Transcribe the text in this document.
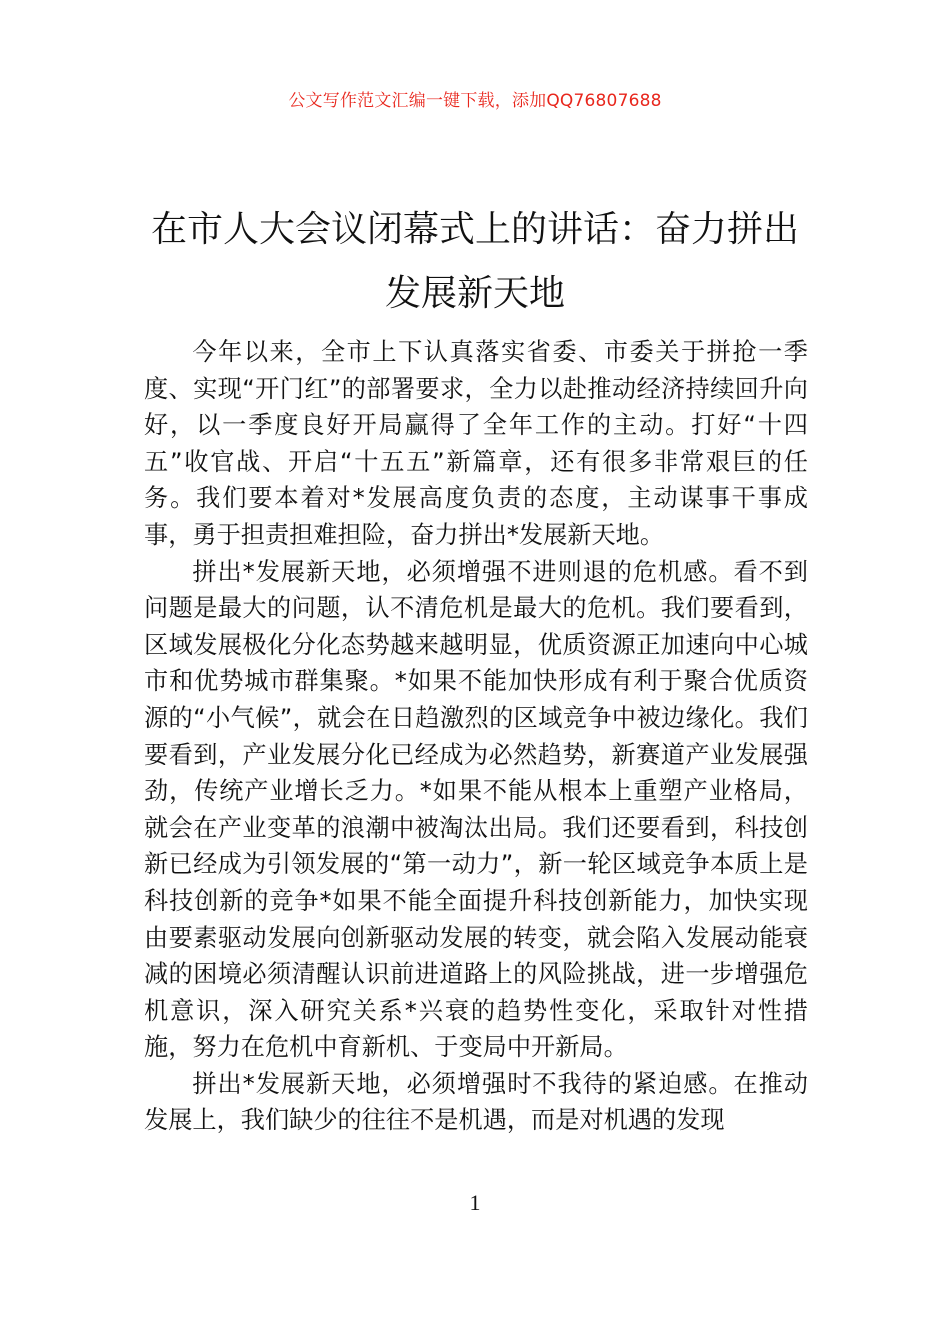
公文写作范文汇编一键下载，添加QQ76807688
在市人大会议闭幕式上的讲话：奋力拼出
发展新天地

今年以来，全市上下认真落实省委、市委关于拼抢一季度、实现“开门红”的部署要求，全力以赴推动经济持续回升向好，以一季度良好开局赢得了全年工作的主动。打好“十四五”收官战、开启“十五五”新篇章，还有很多非常艰巨的任务。我们要本着对*发展高度负责的态度，主动谋事干事成事，勇于担责担难担险，奋力拼出*发展新天地。

拼出*发展新天地，必须增强不进则退的危机感。看不到问题是最大的问题，认不清危机是最大的危机。我们要看到，区域发展极化分化态势越来越明显，优质资源正加速向中心城市和优势城市群集聚。*如果不能加快形成有利于聚合优质资源的“小气候”，就会在日趋激烈的区域竞争中被边缘化。我们要看到，产业发展分化已经成为必然趋势，新赛道产业发展强劲，传统产业增长乏力。*如果不能从根本上重塑产业格局，就会在产业变革的浪潮中被淘汰出局。我们还要看到，科技创新已经成为引领发展的“第一动力”，新一轮区域竞争本质上是科技创新的竞争*如果不能全面提升科技创新能力，加快实现由要素驱动发展向创新驱动发展的转变，就会陷入发展动能衰减的困境必须清醒认识前进道路上的风险挑战，进一步增强危机意识，深入研究关系*兴衰的趋势性变化，采取针对性措施，努力在危机中育新机、于变局中开新局。

拼出*发展新天地，必须增强时不我待的紧迫感。在推动发展上，我们缺少的往往不是机遇，而是对机遇的发现

1
